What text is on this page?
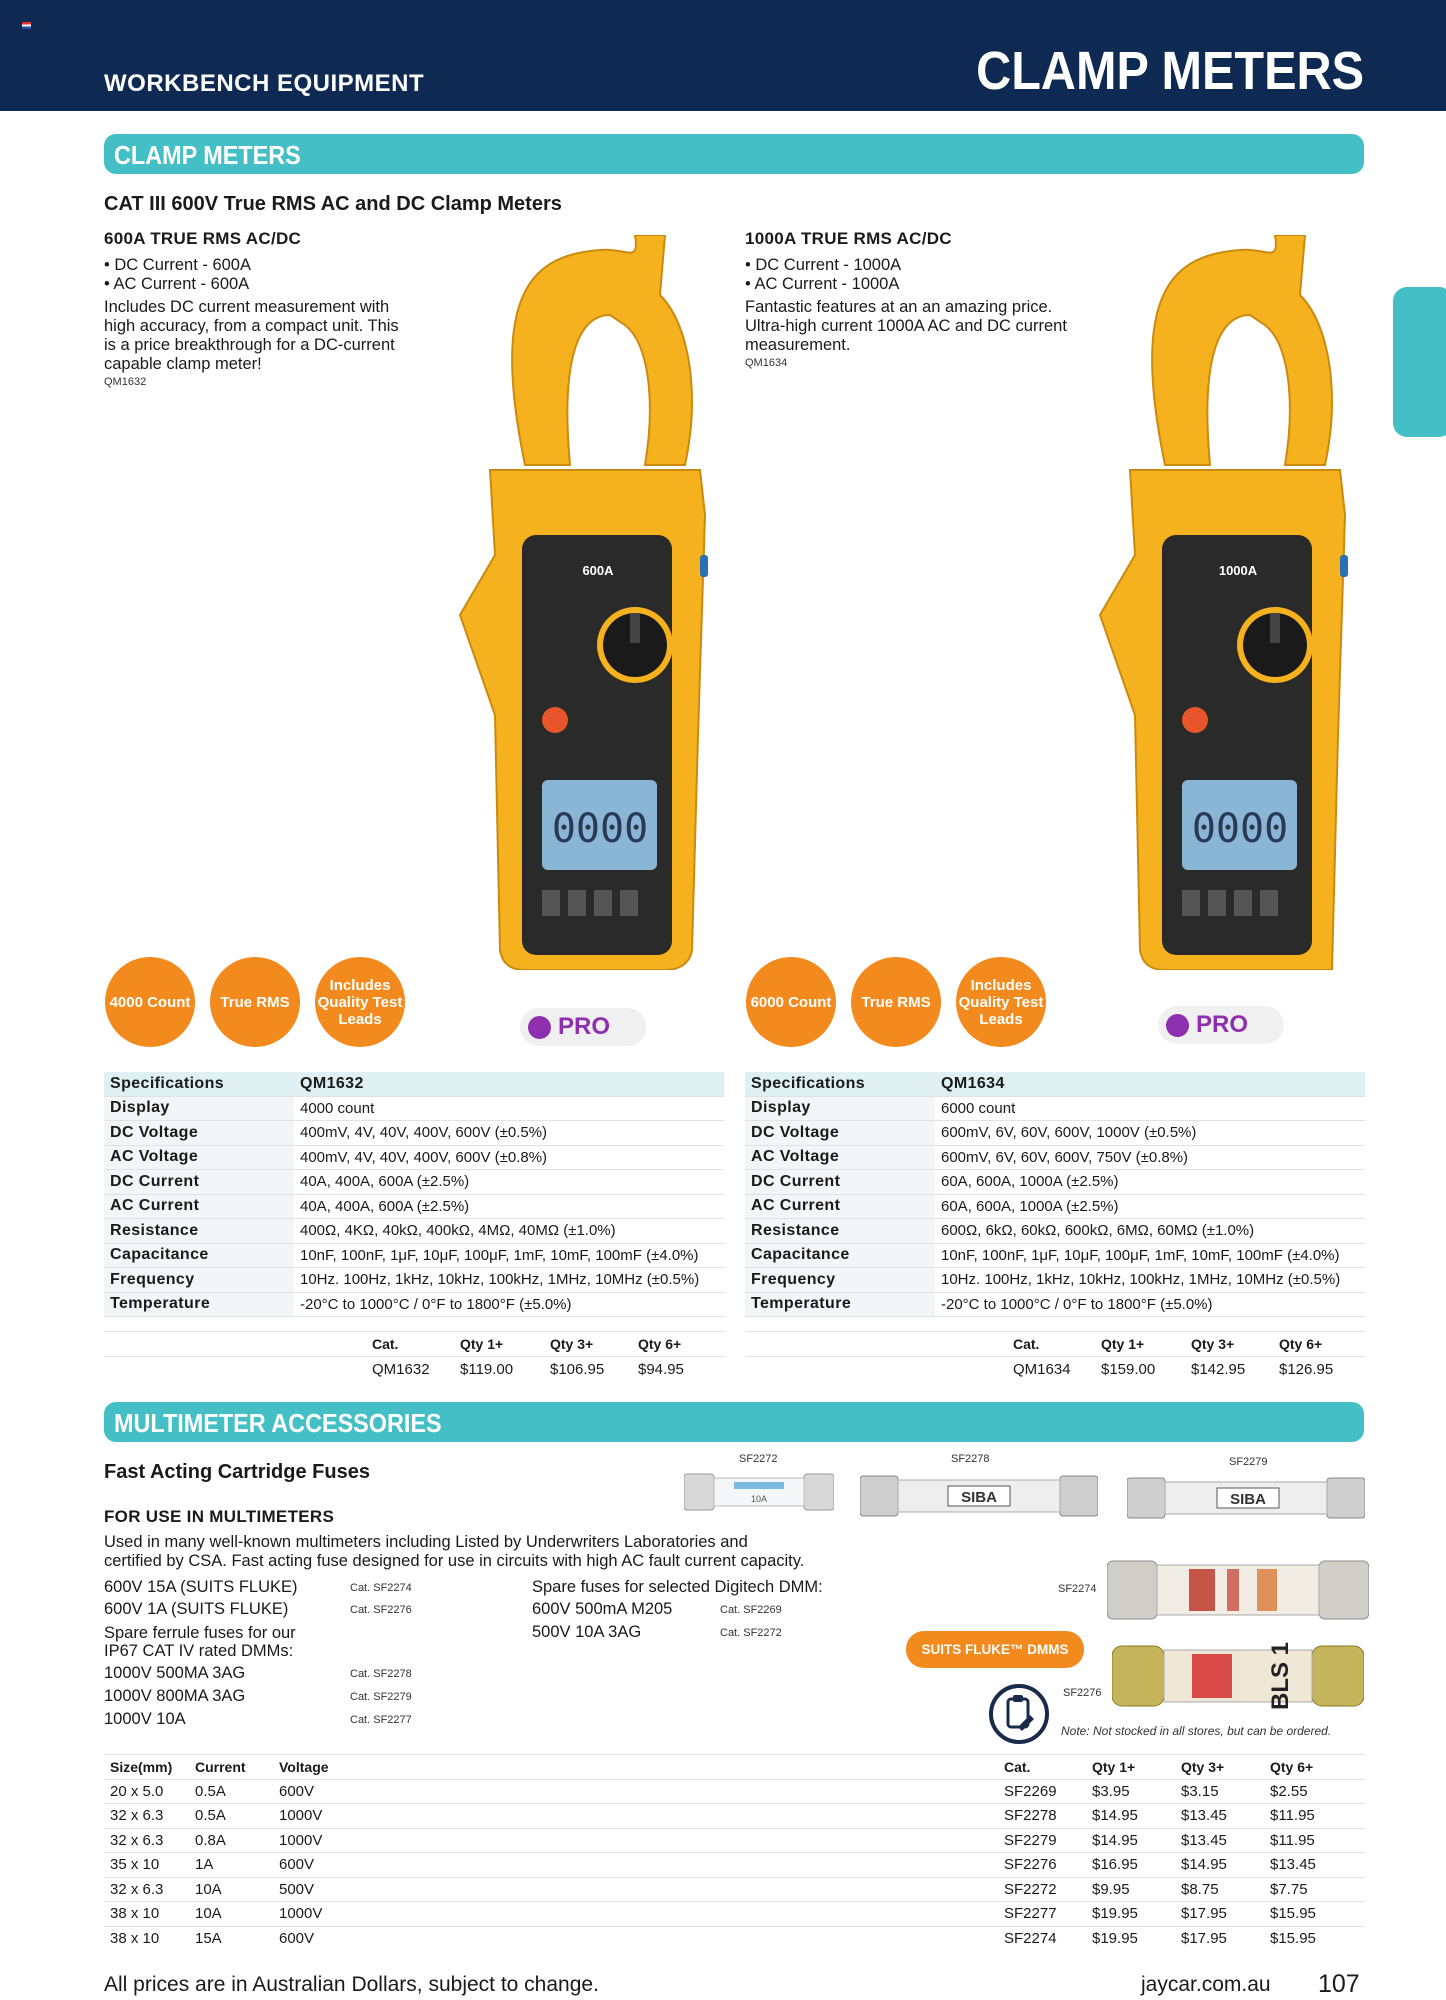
WORKBENCH EQUIPMENT	CLAMP METERS
CLAMP METERS
CAT III 600V True RMS AC and DC Clamp Meters
600A TRUE RMS AC/DC
• DC Current - 600A
• AC Current - 600A
Includes DC current measurement with
high accuracy, from a compact unit. This
is a price breakthrough for a DC-current
capable clamp meter!
QM1632
1000A TRUE RMS AC/DC
• DC Current - 1000A
• AC Current - 1000A
Fantastic features at an an amazing price.
Ultra-high current 1000A AC and DC current
measurement.
QM1634
0000
600A
0000
1000A
4000 Count	True RMS
Includes Quality Test Leads	PRO
6000 Count	True RMS
Includes Quality Test Leads	PRO
Specifications	QM1632
Display	4000 count
DC Voltage	400mV, 4V, 40V, 400V, 600V (±0.5%)
AC Voltage	400mV, 4V, 40V, 400V, 600V (±0.8%)
DC Current	40A, 400A, 600A (±2.5%)
AC Current	40A, 400A, 600A (±2.5%)
Resistance	400Ω, 4KΩ, 40kΩ, 400kΩ, 4MΩ, 40MΩ (±1.0%)
Capacitance	10nF, 100nF, 1μF, 10μF, 100μF, 1mF, 10mF, 100mF (±4.0%)
Frequency	10Hz. 100Hz, 1kHz, 10kHz, 100kHz, 1MHz, 10MHz (±0.5%)
Temperature	-20°C to 1000°C / 0°F to 1800°F (±5.0%)
Specifications	QM1634
Display	6000 count
DC Voltage	600mV, 6V, 60V, 600V, 1000V (±0.5%)
AC Voltage	600mV, 6V, 60V, 600V, 750V (±0.8%)
DC Current	60A, 600A, 1000A (±2.5%)
AC Current	60A, 600A, 1000A (±2.5%)
Resistance	600Ω, 6kΩ, 60kΩ, 600kΩ, 6MΩ, 60MΩ (±1.0%)
Capacitance	10nF, 100nF, 1μF, 10μF, 100μF, 1mF, 10mF, 100mF (±4.0%)
Frequency	10Hz. 100Hz, 1kHz, 10kHz, 100kHz, 1MHz, 10MHz (±0.5%)
Temperature	-20°C to 1000°C / 0°F to 1800°F (±5.0%)
	Cat.	Qty 1+	Qty 3+	Qty 6+
	QM1632	$119.00	$106.95	$94.95
	Cat.	Qty 1+	Qty 3+	Qty 6+
	QM1634	$159.00	$142.95	$126.95
MULTIMETER ACCESSORIES
Fast Acting Cartridge Fuses
FOR USE IN MULTIMETERS
Used in many well-known multimeters including Listed by Underwriters Laboratories and
certified by CSA. Fast acting fuse designed for use in circuits with high AC fault current capacity.
600V 15A (SUITS FLUKE)	Cat. SF2274
600V 1A (SUITS FLUKE)	Cat. SF2276
Spare ferrule fuses for our
IP67 CAT IV rated DMMs:
1000V 500MA 3AG	Cat. SF2278
1000V 800MA 3AG	Cat. SF2279
1000V 10A	Cat. SF2277
Spare fuses for selected Digitech DMM:
600V 500mA M205	Cat. SF2269
500V 10A 3AG	Cat. SF2272
SF2272
10A
SF2278
SIBA
SF2279
SIBA
SF2274
SUITS FLUKE™ DMMS
SF2276	BLS 1
Note: Not stocked in all stores, but can be ordered.
Size(mm)	Current	Voltage	Cat.	Qty 1+	Qty 3+	Qty 6+
20 x 5.0	0.5A	600V	SF2269	$3.95	$3.15	$2.55
32 x 6.3	0.5A	1000V	SF2278	$14.95	$13.45	$11.95
32 x 6.3	0.8A	1000V	SF2279	$14.95	$13.45	$11.95
35 x 10	1A	600V	SF2276	$16.95	$14.95	$13.45
32 x 6.3	10A	500V	SF2272	$9.95	$8.75	$7.75
38 x 10	10A	1000V	SF2277	$19.95	$17.95	$15.95
38 x 10	15A	600V	SF2274	$19.95	$17.95	$15.95
All prices are in Australian Dollars, subject to change.	jaycar.com.au 107
